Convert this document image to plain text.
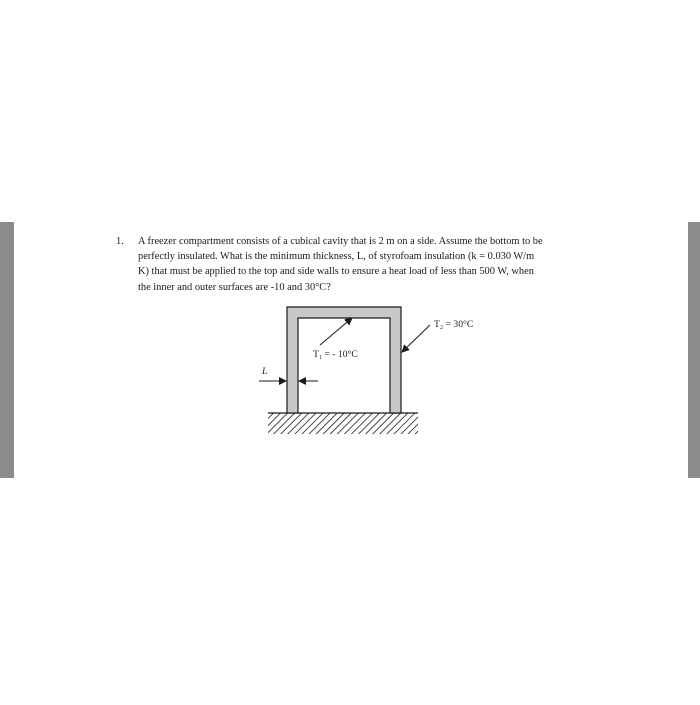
1. A freezer compartment consists of a cubical cavity that is 2 m on a side. Assume the bottom to be
perfectly insulated. What is the minimum thickness, L, of styrofoam insulation (k = 0.030 W/m
K) that must be applied to the top and side walls to ensure a heat load of less than 500 W, when
the inner and outer surfaces are -10 and 30°C?
T₁ = - 10°C
T₂ = 30°C
L
